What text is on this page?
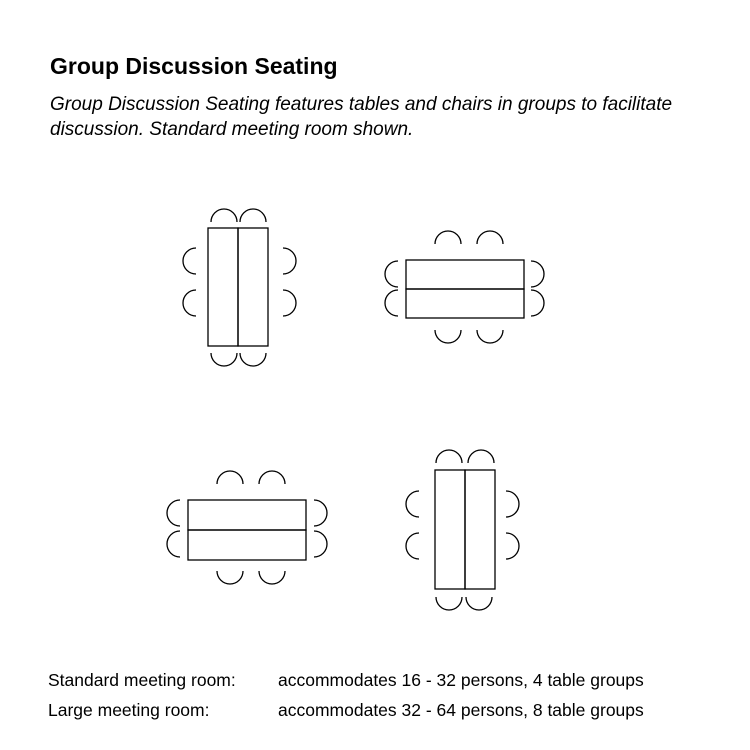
Group Discussion Seating

Group Discussion Seating features tables and chairs in groups to facilitate discussion. Standard meeting room shown.

Standard meeting room:	accommodates 16 - 32 persons, 4 table groups
Large meeting room:	accommodates 32 - 64 persons, 8 table groups
